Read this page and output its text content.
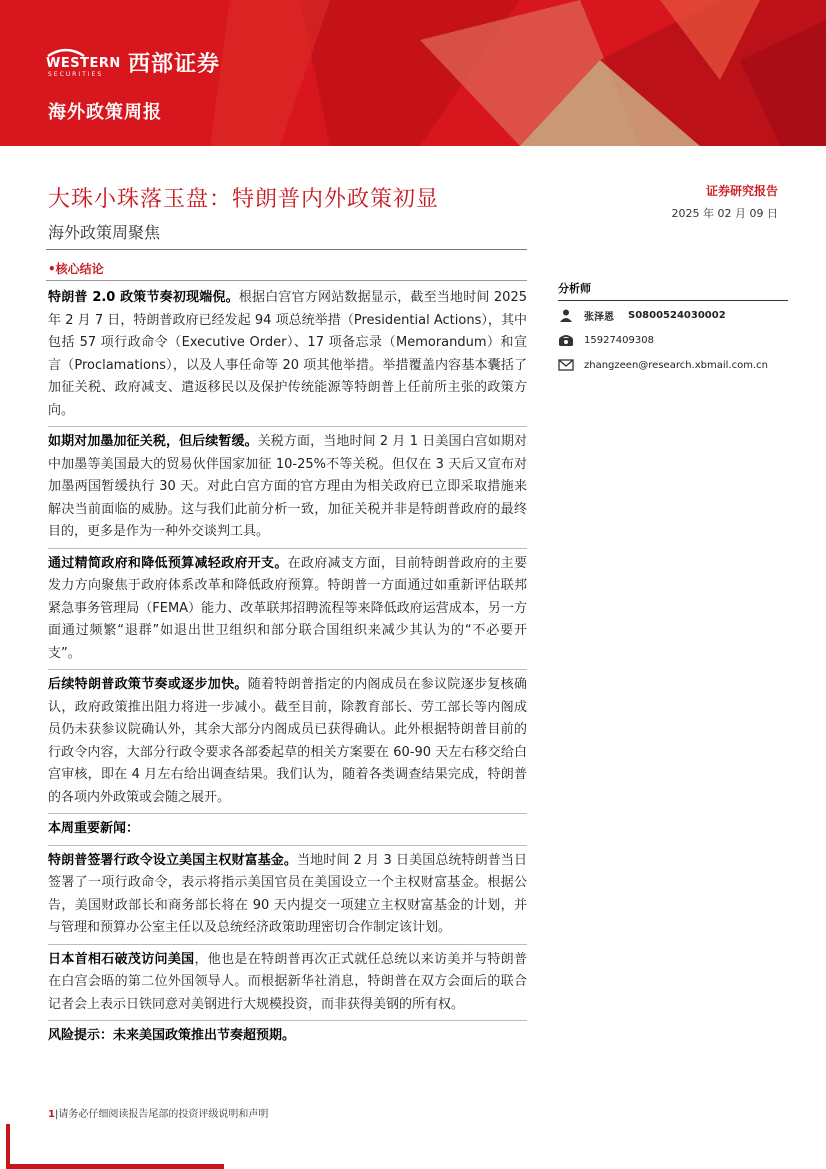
WESTERN
SECURITIES 西部证券
海外政策周报
大珠小珠落玉盘：特朗普内外政策初显
海外政策周聚焦
证券研究报告
2025 年 02 月 09 日
•核心结论

特朗普 2.0 政策节奏初现端倪。根据白宫官方网站数据显示，截至当地时间 2025 年 2 月 7 日，特朗普政府已经发起 94 项总统举措（Presidential Actions），其中包括 57 项行政命令（Executive Order）、17 项备忘录（Memorandum）和宣言（Proclamations），以及人事任命等 20 项其他举措。举措覆盖内容基本囊括了加征关税、政府减支、遣返移民以及保护传统能源等特朗普上任前所主张的政策方向。

如期对加墨加征关税，但后续暂缓。关税方面，当地时间 2 月 1 日美国白宫如期对中加墨等美国最大的贸易伙伴国家加征 10-25%不等关税。但仅在 3 天后又宣布对加墨两国暂缓执行 30 天。对此白宫方面的官方理由为相关政府已立即采取措施来解决当前面临的威胁。这与我们此前分析一致，加征关税并非是特朗普政府的最终目的，更多是作为一种外交谈判工具。

通过精简政府和降低预算减轻政府开支。在政府减支方面，目前特朗普政府的主要发力方向聚焦于政府体系改革和降低政府预算。特朗普一方面通过如重新评估联邦紧急事务管理局（FEMA）能力、改革联邦招聘流程等来降低政府运营成本，另一方面通过频繁“退群”如退出世卫组织和部分联合国组织来减少其认为的“不必要开支”。

后续特朗普政策节奏或逐步加快。随着特朗普指定的内阁成员在参议院逐步复核确认，政府政策推出阻力将进一步减小。截至目前，除教育部长、劳工部长等内阁成员仍未获参议院确认外，其余大部分内阁成员已获得确认。此外根据特朗普目前的行政令内容，大部分行政令要求各部委起草的相关方案要在 60-90 天左右移交给白宫审核，即在 4 月左右给出调查结果。我们认为，随着各类调查结果完成，特朗普的各项内外政策或会随之展开。

本周重要新闻：

特朗普签署行政令设立美国主权财富基金。当地时间 2 月 3 日美国总统特朗普当日签署了一项行政命令，表示将指示美国官员在美国设立一个主权财富基金。根据公告，美国财政部长和商务部长将在 90 天内提交一项建立主权财富基金的计划，并与管理和预算办公室主任以及总统经济政策助理密切合作制定该计划。

日本首相石破茂访问美国，他也是在特朗普再次正式就任总统以来访美并与特朗普在白宫会晤的第二位外国领导人。而根据新华社消息，特朗普在双方会面后的联合记者会上表示日铁同意对美钢进行大规模投资，而非获得美钢的所有权。

风险提示：未来美国政策推出节奏超预期。

分析师
张泽恩 S0800524030002
15927409308
zhangzeen@research.xbmail.com.cn
1|请务必仔细阅读报告尾部的投资评级说明和声明
